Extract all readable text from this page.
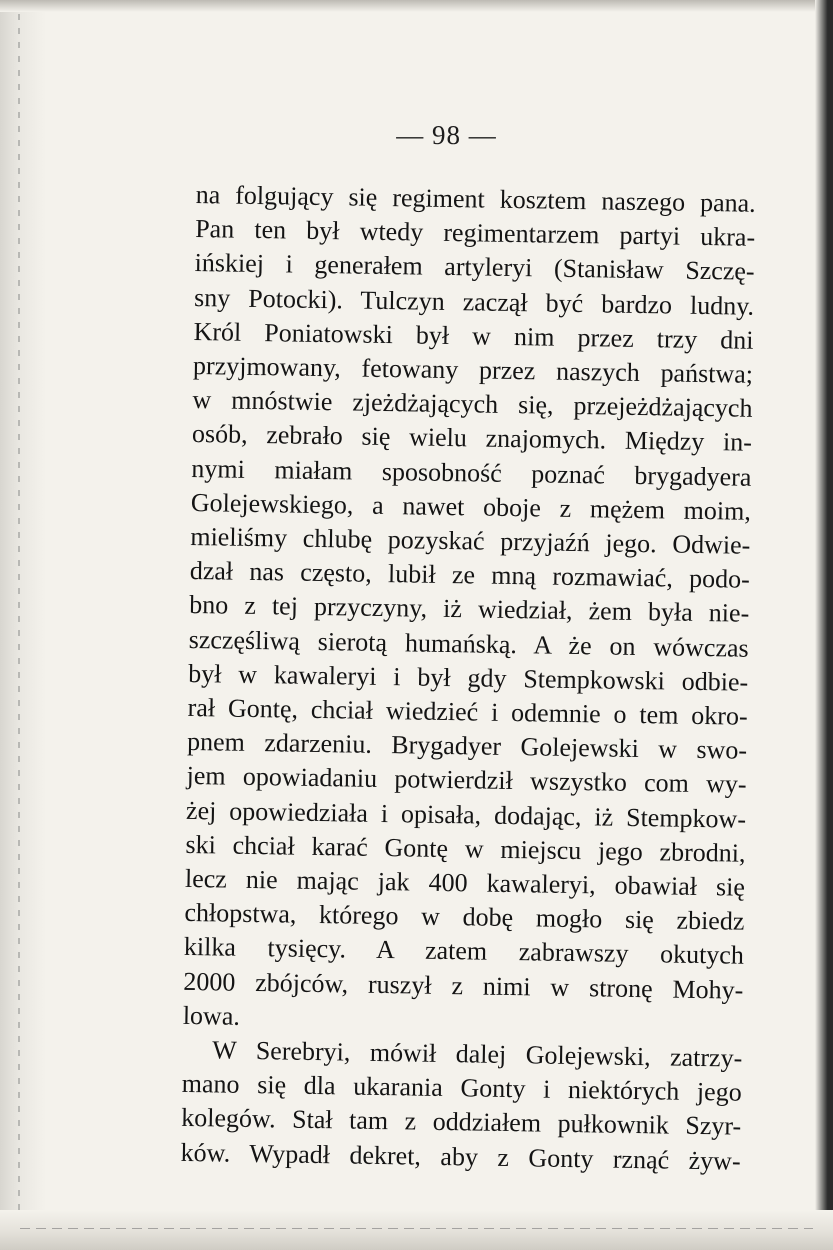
— 98 —
na folgujący się regiment kosztem naszego pana.
Pan ten był wtedy regimentarzem partyi ukra-
ińskiej i generałem artyleryi (Stanisław Szczę-
sny Potocki). Tulczyn zaczął być bardzo ludny.
Król Poniatowski był w nim przez trzy dni
przyjmowany, fetowany przez naszych państwa;
w mnóstwie zjeżdżających się, przejeżdżających
osób, zebrało się wielu znajomych. Między in-
nymi miałam sposobność poznać brygadyera
Golejewskiego, a nawet oboje z mężem moim,
mieliśmy chlubę pozyskać przyjaźń jego. Odwie-
dzał nas często, lubił ze mną rozmawiać, podo-
bno z tej przyczyny, iż wiedział, żem była nie-
szczęśliwą sierotą humańską. A że on wówczas
był w kawaleryi i był gdy Stempkowski odbie-
rał Gontę, chciał wiedzieć i odemnie o tem okro-
pnem zdarzeniu. Brygadyer Golejewski w swo-
jem opowiadaniu potwierdził wszystko com wy-
żej opowiedziała i opisała, dodając, iż Stempkow-
ski chciał karać Gontę w miejscu jego zbrodni,
lecz nie mając jak 400 kawaleryi, obawiał się
chłopstwa, którego w dobę mogło się zbiedz
kilka tysięcy. A zatem zabrawszy okutych
2000 zbójców, ruszył z nimi w stronę Mohy-
lowa.
W Serebryi, mówił dalej Golejewski, zatrzy-
mano się dla ukarania Gonty i niektórych jego
kolegów. Stał tam z oddziałem pułkownik Szyr-
ków. Wypadł dekret, aby z Gonty rznąć żyw-
